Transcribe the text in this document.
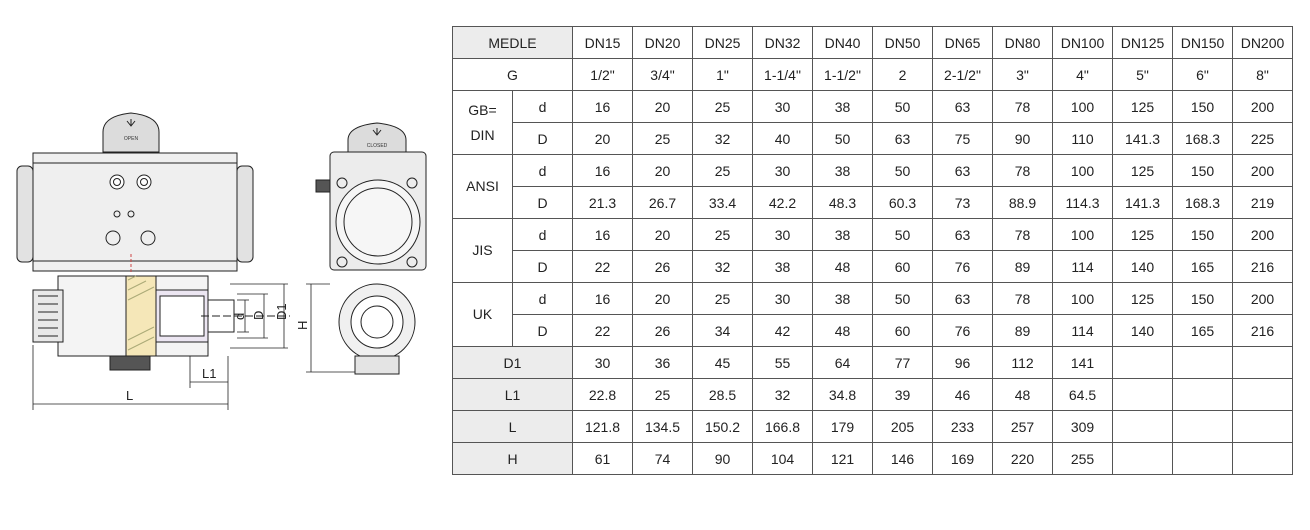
OPEN
d D D1
L1
L
CLOSED
H
MEDLE		DN15	DN20	DN25	DN32	DN40	DN50	DN65	DN80	DN100	DN125	DN150	DN200
G		1/2"	3/4"	1"	1-1/4"	1-1/2"	2	2-1/2"	3"	4"	5"	6"	8"
GB=
DIN	d	16	20	25	30	38	50	63	78	100	125	150	200
	D	20	25	32	40	50	63	75	90	110	141.3	168.3	225
ANSI	d	16	20	25	30	38	50	63	78	100	125	150	200
	D	21.3	26.7	33.4	42.2	48.3	60.3	73	88.9	114.3	141.3	168.3	219
JIS	d	16	20	25	30	38	50	63	78	100	125	150	200
	D	22	26	32	38	48	60	76	89	114	140	165	216
UK	d	16	20	25	30	38	50	63	78	100	125	150	200
	D	22	26	34	42	48	60	76	89	114	140	165	216
D1		30	36	45	55	64	77	96	112	141			
L1		22.8	25	28.5	32	34.8	39	46	48	64.5			
L		121.8	134.5	150.2	166.8	179	205	233	257	309			
H		61	74	90	104	121	146	169	220	255			
